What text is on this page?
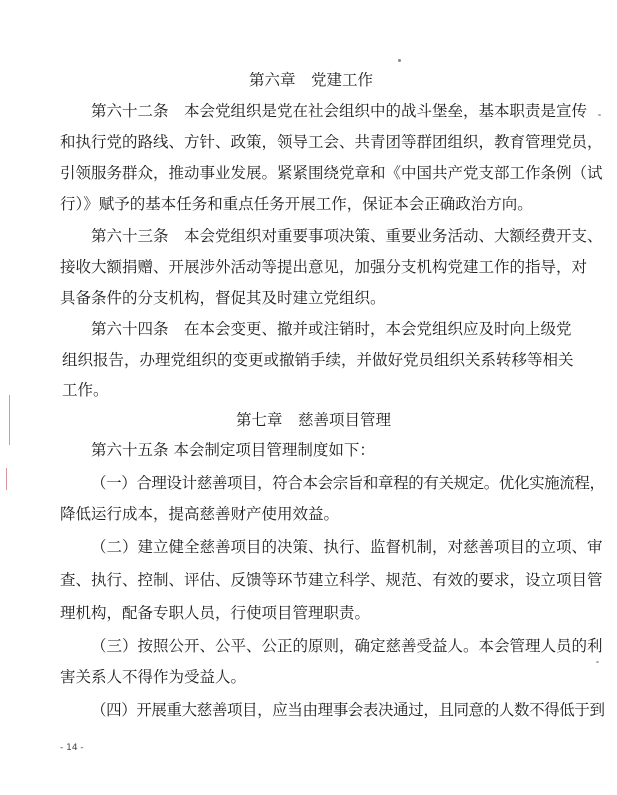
第六章　党建工作
第六十二条　本会党组织是党在社会组织中的战斗堡垒，基本职责是宣传
和执行党的路线、方针、政策，领导工会、共青团等群团组织，教育管理党员，
引领服务群众，推动事业发展。紧紧围绕党章和《中国共产党支部工作条例（试
行）》赋予的基本任务和重点任务开展工作，保证本会正确政治方向。
第六十三条　本会党组织对重要事项决策、重要业务活动、大额经费开支、
接收大额捐赠、开展涉外活动等提出意见，加强分支机构党建工作的指导，对
具备条件的分支机构，督促其及时建立党组织。
第六十四条　在本会变更、撤并或注销时，本会党组织应及时向上级党
组织报告，办理党组织的变更或撤销手续，并做好党员组织关系转移等相关
工作。
第七章　慈善项目管理
第六十五条 本会制定项目管理制度如下：
（一）合理设计慈善项目，符合本会宗旨和章程的有关规定。优化实施流程，
降低运行成本，提高慈善财产使用效益。
（二）建立健全慈善项目的决策、执行、监督机制，对慈善项目的立项、审
查、执行、控制、评估、反馈等环节建立科学、规范、有效的要求，设立项目管
理机构，配备专职人员，行使项目管理职责。
（三）按照公开、公平、公正的原则，确定慈善受益人。本会管理人员的利
害关系人不得作为受益人。
（四）开展重大慈善项目，应当由理事会表决通过，且同意的人数不得低于到
- 14 -
